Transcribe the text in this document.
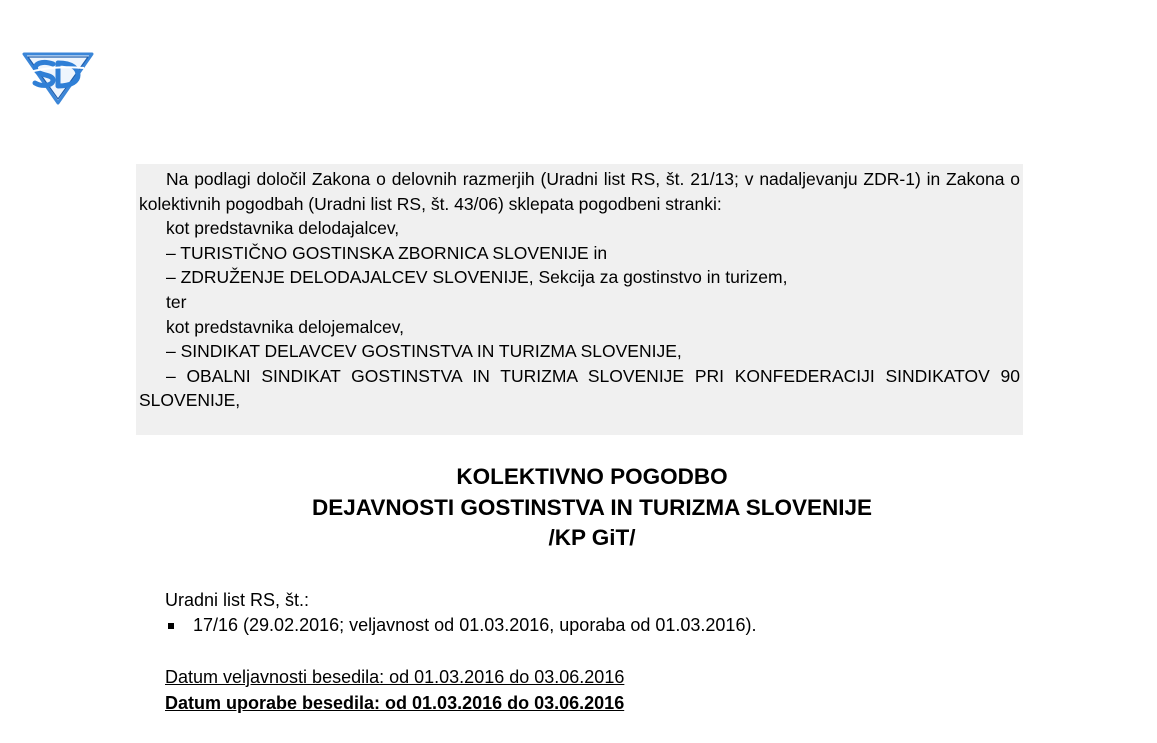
Na podlagi določil Zakona o delovnih razmerjih (Uradni list RS, št. 21/13; v nadaljevanju ZDR-1) in Zakona o kolektivnih pogodbah (Uradni list RS, št. 43/06) sklepata pogodbeni stranki:

kot predstavnika delodajalcev,

– TURISTIČNO GOSTINSKA ZBORNICA SLOVENIJE in

– ZDRUŽENJE DELODAJALCEV SLOVENIJE, Sekcija za gostinstvo in turizem,

ter

kot predstavnika delojemalcev,

– SINDIKAT DELAVCEV GOSTINSTVA IN TURIZMA SLOVENIJE,

– OBALNI SINDIKAT GOSTINSTVA IN TURIZMA SLOVENIJE PRI KONFEDERACIJI SINDIKATOV 90 SLOVENIJE,

KOLEKTIVNO POGODBO
DEJAVNOSTI GOSTINSTVA IN TURIZMA SLOVENIJE
/KP GiT/
Uradni list RS, št.:
17/16 (29.02.2016; veljavnost od 01.03.2016, uporaba od 01.03.2016).
Datum veljavnosti besedila: od 01.03.2016 do 03.06.2016
Datum uporabe besedila: od 01.03.2016 do 03.06.2016
